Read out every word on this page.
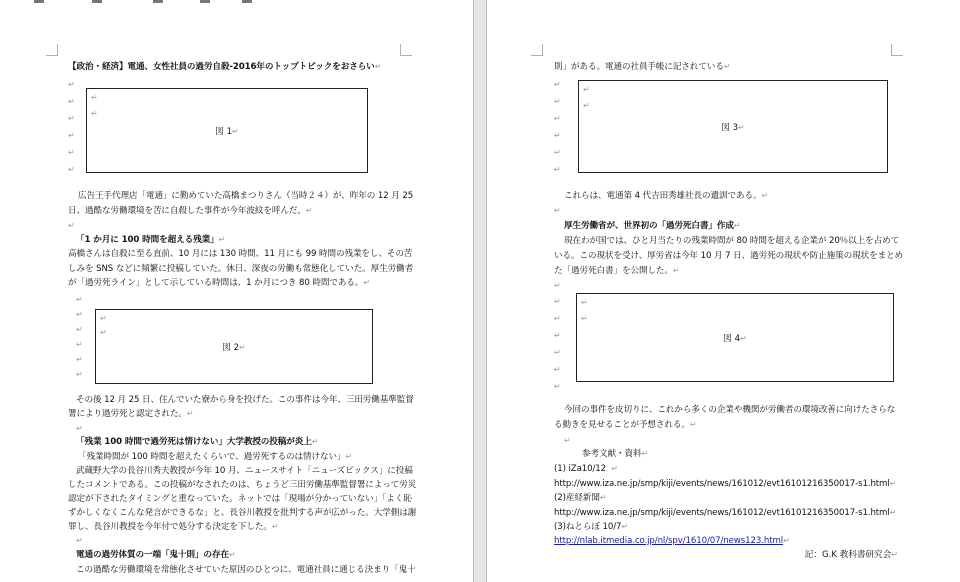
【政治・経済】電通、女性社員の過労自殺-2016年のトップトピックをおさらい↵
↵
↵
↵
↵
↵
↵
↵
↵
図 1↵
広告王手代理店「電通」に勤めていた高橋まつりさん（当時２４）が、昨年の 12 月 25
日、過酷な労働環境を苦に自殺した事件が今年波紋を呼んだ。↵
↵
「1 か月に 100 時間を超える残業」↵
高橋さんは自殺に至る直前、10 月には 130 時間、11 月にも 99 時間の残業をし、その苦
しみを SNS などに頻繁に投稿していた。休日、深夜の労働も常態化していた。厚生労働者
が「過労死ライン」として示している時間は、1 か月につき 80 時間である。↵
↵
↵
↵
↵
↵
↵
↵
↵
図 2↵
その後 12 月 25 日、住んでいた寮から身を投げた。この事件は今年、三田労働基準監督
署により過労死と認定された。↵
↵
「残業 100 時間で過労死は情けない」大学教授の投稿が炎上↵
「残業時間が 100 時間を超えたくらいで、過労死するのは情けない」↵
武蔵野大学の長谷川秀夫教授が今年 10 月、ニュースサイト「ニューズピックス」に投稿
したコメントである。この投稿がなされたのは、ちょうど三田労働基準監督署によって労災
認定が下されたタイミングと重なっていた。ネットでは「現場が分かっていない」「よく恥
ずかしくなくこんな発言ができるな」と、長谷川教授を批判する声が広がった。大学側は謝
罪し、長谷川教授を今年付で処分する決定を下した。↵
↵
電通の過労体質の一端「鬼十則」の存在↵
この過酷な労働環境を常態化させていた原因のひとつに、電通社員に通じる決まり「鬼十
則」がある。電通の社員手帳に記されている↵
↵
↵
↵
↵
↵
↵
↵
↵
図 3↵
これらは、電通第 4 代吉田秀雄社長の遺訓である。↵
↵
厚生労働省が、世界初の「過労死白書」作成↵
現在わが国では、ひと月当たりの残業時間が 80 時間を超える企業が 20％以上を占めて
いる。この現状を受け、厚労省は今年 10 月 7 日、過労死の現状や防止施策の現状をまとめ
た「過労死白書」を公開した。↵
↵
↵
↵
↵
↵
↵
↵
↵
↵
図 4↵
今回の事件を皮切りに、これから多くの企業や機関が労働者の環境改善に向けたさらな
る動きを見せることが予想される。↵
↵
参考文献・資料↵
(1) iZa10/12 ↵
http://www.iza.ne.jp/smp/kiji/events/news/161012/evt16101216350017-s1.html↵
(2)産経新聞↵
http://www.iza.ne.jp/smp/kiji/events/news/161012/evt16101216350017-s1.html↵
(3)ねとらぼ 10/7↵
http://nlab.itmedia.co.jp/nl/spv/1610/07/news123.html↵
記：G.K 教科書研究会↵
